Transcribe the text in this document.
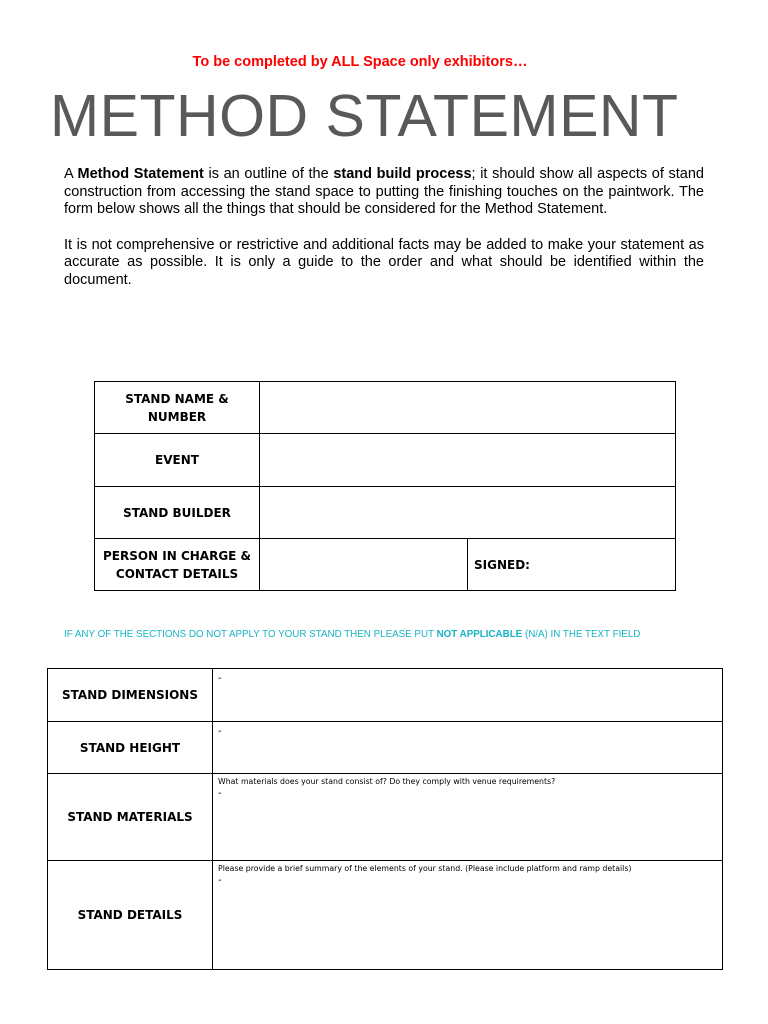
To be completed by ALL Space only exhibitors…
METHOD STATEMENT

A Method Statement is an outline of the stand build process; it should show all aspects of stand construction from accessing the stand space to putting the finishing touches on the paintwork. The form below shows all the things that should be considered for the Method Statement.

It is not comprehensive or restrictive and additional facts may be added to make your statement as accurate as possible. It is only a guide to the order and what should be identified within the document.

STAND NAME & NUMBER		
EVENT		
STAND BUILDER		
PERSON IN CHARGE & CONTACT DETAILS		SIGNED:
IF ANY OF THE SECTIONS DO NOT APPLY TO YOUR STAND THEN PLEASE PUT NOT APPLICABLE (N/A) IN THE TEXT FIELD
STAND DIMENSIONS	-

STAND HEIGHT	-

STAND MATERIALS	What materials does your stand consist of? Do they comply with venue requirements?
-

STAND DETAILS	Please provide a brief summary of the elements of your stand. (Please include platform and ramp details)
-
